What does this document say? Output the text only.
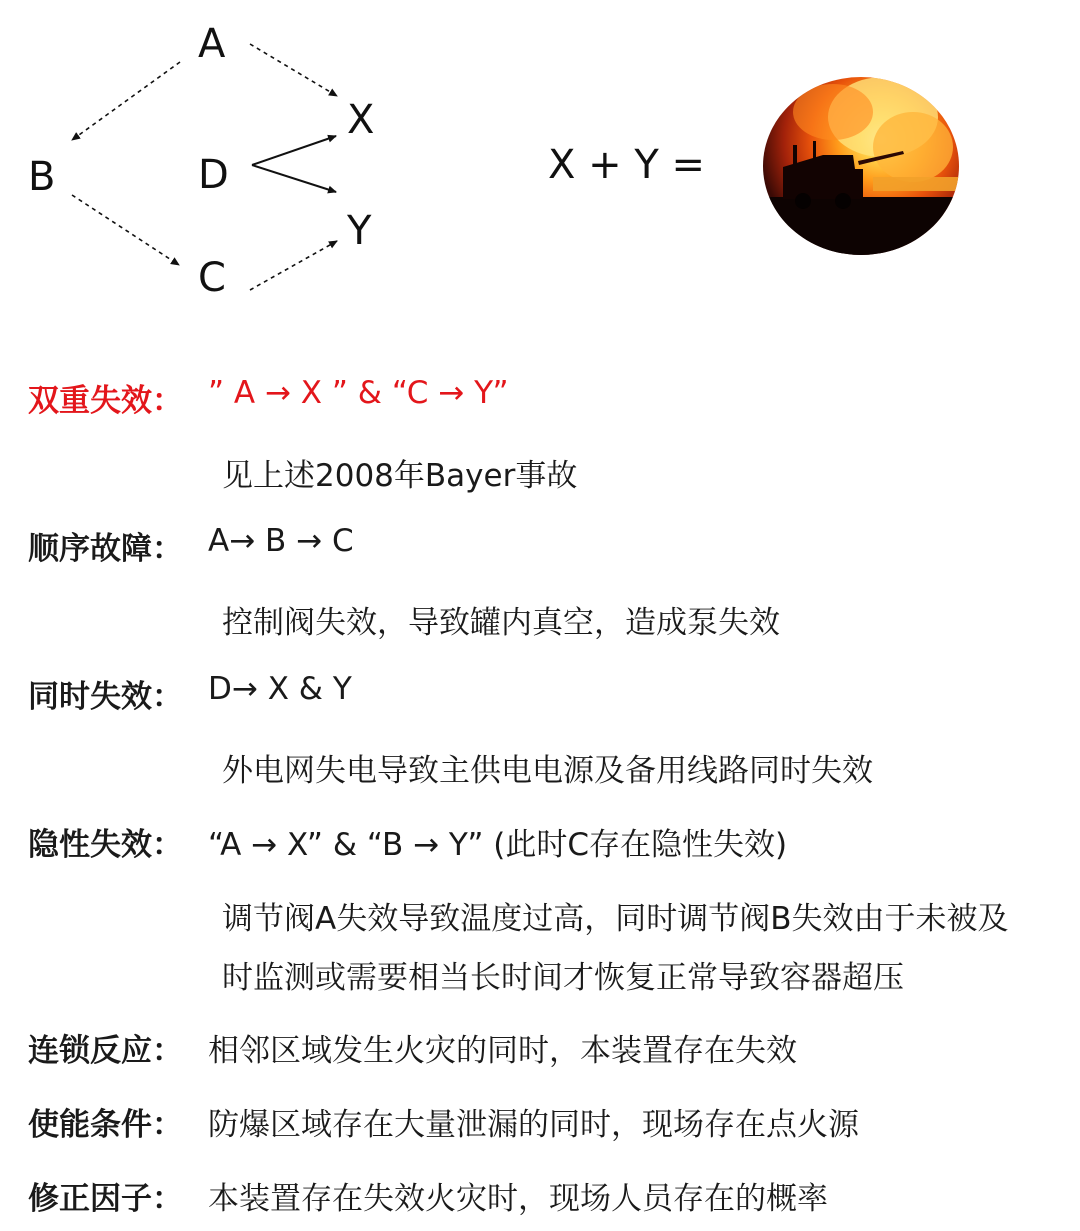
A
X
B	D
Y
C
X + Y =
双重失效： ” A → X ” & “C → Y”
见上述2008年Bayer事故
顺序故障： A→ B → C
控制阀失效，导致罐内真空，造成泵失效
同时失效： D→ X & Y
外电网失电导致主供电电源及备用线路同时失效
隐性失效： “A → X” & “B → Y” (此时C存在隐性失效)
调节阀A失效导致温度过高，同时调节阀B失效由于未被及
时监测或需要相当长时间才恢复正常导致容器超压
连锁反应： 相邻区域发生火灾的同时，本装置存在失效
使能条件： 防爆区域存在大量泄漏的同时，现场存在点火源
修正因子： 本装置存在失效火灾时，现场人员存在的概率
